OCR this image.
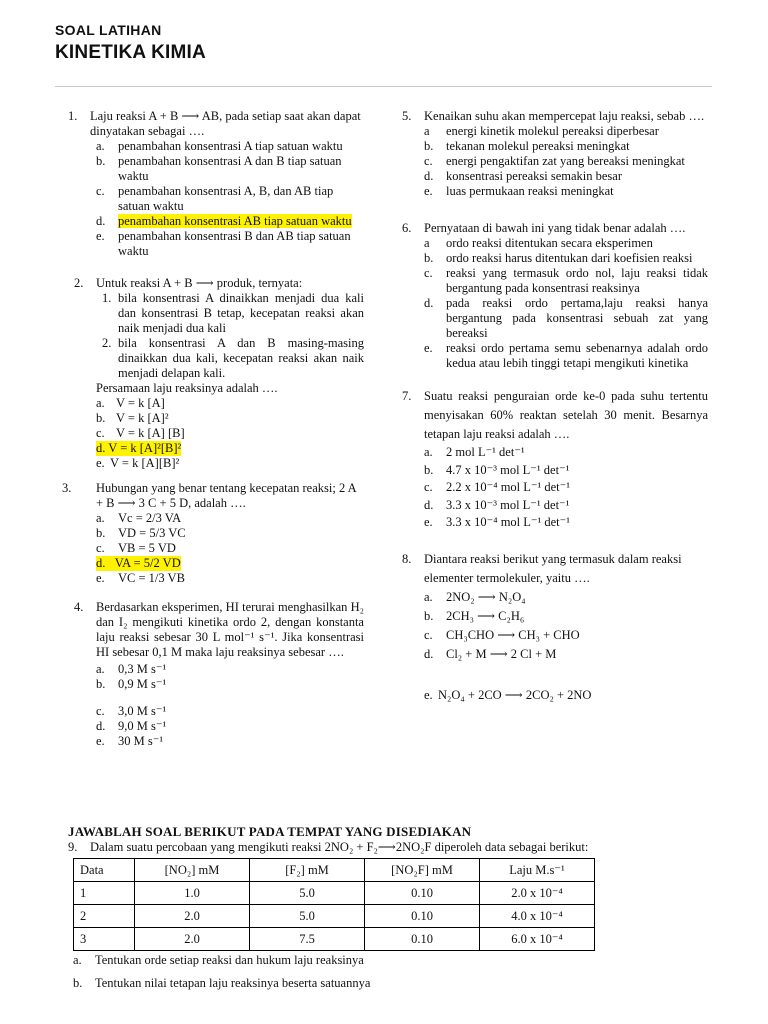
SOAL LATIHAN
KINETIKA KIMIA
1. Laju reaksi A + B ⟶ AB, pada setiap saat akan dapat dinyatakan sebagai ….
a.	penambahan konsentrasi A tiap satuan waktu
b.	penambahan konsentrasi A dan B tiap satuan waktu
c.	penambahan konsentrasi A, B, dan AB tiap satuan waktu
d.	penambahan konsentrasi AB tiap satuan waktu
e.	penambahan konsentrasi B dan AB tiap satuan waktu
2. Untuk reaksi A + B ⟶ produk, ternyata:
1. bila konsentrasi A dinaikkan menjadi dua kali dan konsentrasi B tetap, kecepatan reaksi akan naik menjadi dua kali
2. bila konsentrasi A dan B masing-masing dinaikkan dua kali, kecepatan reaksi akan naik menjadi delapan kali.
Persamaan laju reaksinya adalah ….
a. V = k [A]
b. V = k [A]²
c. V = k [A] [B]
d. V = k [A]²[B]²
e. V = k [A][B]²
3. Hubungan yang benar tentang kecepatan reaksi; 2 A + B ⟶ 3 C + 5 D, adalah ….
a.	Vc = 2/3 VA
b.	VD = 5/3 VC
c.	VB = 5 VD
d. VA = 5/2 VD
e.	VC = 1/3 VB
4. Berdasarkan eksperimen, HI terurai menghasilkan H₂ dan I₂ mengikuti kinetika ordo 2, dengan konstanta laju reaksi sebesar 30 L mol⁻¹ s⁻¹. Jika konsentrasi HI sebesar 0,1 M maka laju reaksinya sebesar ….
a.	0,3 M s⁻¹
b.	0,9 M s⁻¹
c.	3,0 M s⁻¹
d.	9,0 M s⁻¹
e.	30 M s⁻¹
5. Kenaikan suhu akan mempercepat laju reaksi, sebab ….
a	energi kinetik molekul pereaksi diperbesar
b.	tekanan molekul pereaksi meningkat
c.	energi pengaktifan zat yang bereaksi meningkat
d.	konsentrasi pereaksi semakin besar
e.	luas permukaan reaksi meningkat
6. Pernyataan di bawah ini yang tidak benar adalah ….
a	ordo reaksi ditentukan secara eksperimen
b.	ordo reaksi harus ditentukan dari koefisien reaksi
c.	reaksi yang termasuk ordo nol, laju reaksi tidak bergantung pada konsentrasi reaksinya
d.	pada reaksi ordo pertama,laju reaksi hanya bergantung pada konsentrasi sebuah zat yang bereaksi
e.	reaksi ordo pertama semu sebenarnya adalah ordo kedua atau lebih tinggi tetapi mengikuti kinetika
7. Suatu reaksi penguraian orde ke-0 pada suhu tertentu menyisakan 60% reaktan setelah 30 menit. Besarnya tetapan laju reaksi adalah ….
a.	2 mol L⁻¹ det⁻¹
b.	4.7 x 10⁻³ mol L⁻¹ det⁻¹
c.	2.2 x 10⁻⁴ mol L⁻¹ det⁻¹
d.	3.3 x 10⁻³ mol L⁻¹ det⁻¹
e.	3.3 x 10⁻⁴ mol L⁻¹ det⁻¹
8. Diantara reaksi berikut yang termasuk dalam reaksi elementer termolekuler, yaitu ….
a.	2NO₂ ⟶ N₂O₄
b.	2CH₃ ⟶ C₂H₆
c.	CH₃CHO ⟶ CH₃ + CHO
d.	Cl₂ + M ⟶ 2 Cl + M
e. N₂O₄ + 2CO ⟶ 2CO₂ + 2NO
JAWABLAH SOAL BERIKUT PADA TEMPAT YANG DISEDIAKAN
9. Dalam suatu percobaan yang mengikuti reaksi 2NO₂ + F₂⟶2NO₂F diperoleh data sebagai berikut:
Data	[NO₂] mM	[F₂] mM	[NO₂F] mM	Laju M.s⁻¹
1	1.0	5.0	0.10	2.0 x 10⁻⁴
2	2.0	5.0	0.10	4.0 x 10⁻⁴
3	2.0	7.5	0.10	6.0 x 10⁻⁴
a. Tentukan orde setiap reaksi dan hukum laju reaksinya
b. Tentukan nilai tetapan laju reaksinya beserta satuannya
